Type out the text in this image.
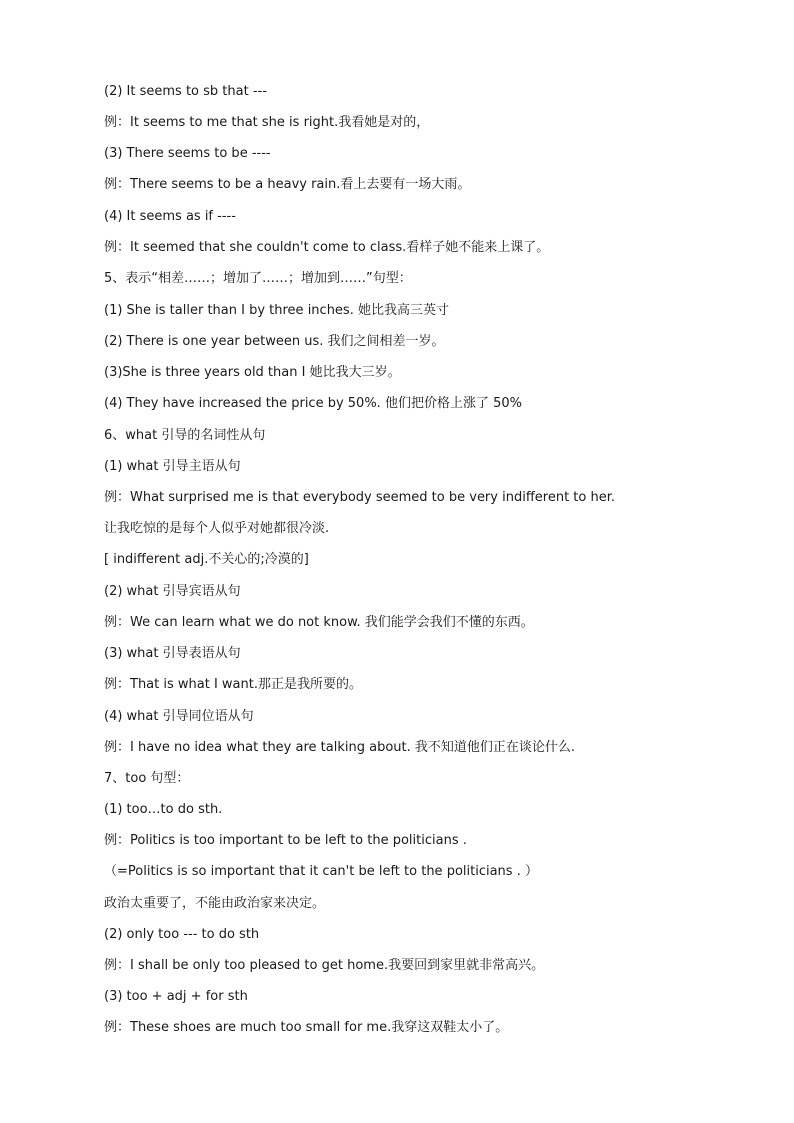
(2) It seems to sb that ---
例：It seems to me that she is right.我看她是对的，
(3) There seems to be ----
例：There seems to be a heavy rain.看上去要有一场大雨。
(4) It seems as if ----
例：It seemed that she couldn't come to class.看样子她不能来上课了。
5、表示“相差……；增加了……；增加到……”句型：
(1) She is taller than I by three inches. 她比我高三英寸
(2) There is one year between us. 我们之间相差一岁。
(3)She is three years old than I 她比我大三岁。
(4) They have increased the price by 50%. 他们把价格上涨了 50%
6、what 引导的名词性从句
(1) what 引导主语从句
例：What surprised me is that everybody seemed to be very indifferent to her.
让我吃惊的是每个人似乎对她都很冷淡.
[ indifferent adj.不关心的;冷漠的]
(2) what 引导宾语从句
例：We can learn what we do not know. 我们能学会我们不懂的东西。
(3) what 引导表语从句
例：That is what I want.那正是我所要的。
(4) what 引导同位语从句
例：I have no idea what they are talking about. 我不知道他们正在谈论什么.
7、too 句型：
(1) too…to do sth.
例：Politics is too important to be left to the politicians .
（=Politics is so important that it can't be left to the politicians . ）
政治太重要了，不能由政治家来决定。
(2) only too --- to do sth
例：I shall be only too pleased to get home.我要回到家里就非常高兴。
(3) too + adj + for sth
例：These shoes are much too small for me.我穿这双鞋太小了。
